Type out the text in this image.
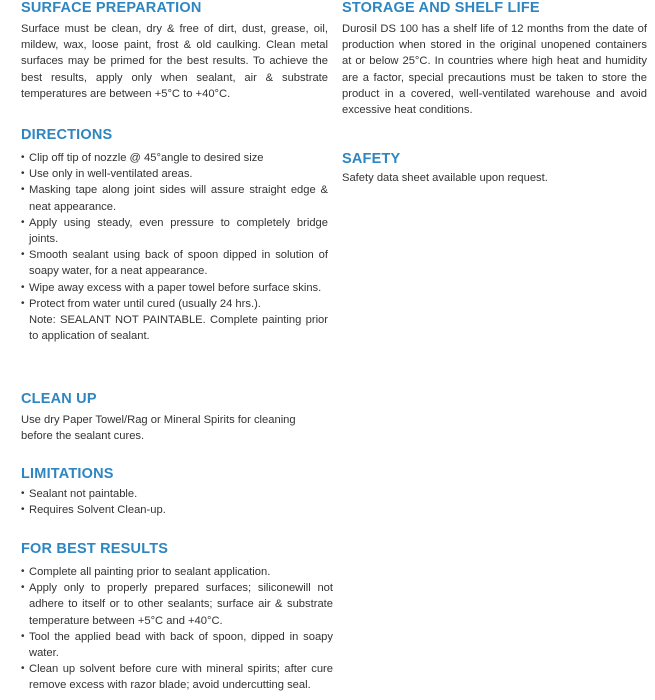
SURFACE PREPARATION

Surface must be clean, dry & free of dirt, dust, grease, oil, mildew, wax, loose paint, frost & old caulking. Clean metal surfaces may be primed for the best results. To achieve the best results, apply only when sealant, air & substrate temperatures are between +5°C to +40°C.

DIRECTIONS
• Clip off tip of nozzle @ 45°angle to desired size
• Use only in well-ventilated areas.
• Masking tape along joint sides will assure straight edge & neat appearance.
• Apply using steady, even pressure to completely bridge joints.
• Smooth sealant using back of spoon dipped in solution of soapy water, for a neat appearance.
• Wipe away excess with a paper towel before surface skins.
• Protect from water until cured (usually 24 hrs.).
Note: SEALANT NOT PAINTABLE. Complete painting prior to application of sealant.
CLEAN UP

Use dry Paper Towel/Rag or Mineral Spirits for cleaning before the sealant cures.

LIMITATIONS
• Sealant not paintable.
• Requires Solvent Clean-up.
FOR BEST RESULTS
• Complete all painting prior to sealant application.
• Apply only to properly prepared surfaces; siliconewill not adhere to itself or to other sealants; surface air & substrate temperature between +5°C and +40°C.
• Tool the applied bead with back of spoon, dipped in soapy water.
• Clean up solvent before cure with mineral spirits; after cure remove excess with razor blade; avoid undercutting seal.
STORAGE AND SHELF LIFE

Durosil DS 100 has a shelf life of 12 months from the date of production when stored in the original unopened containers at or below 25°C. In countries where high heat and humidity are a factor, special precautions must be taken to store the product in a covered, well-ventilated warehouse and avoid excessive heat conditions.

SAFETY

Safety data sheet available upon request.
